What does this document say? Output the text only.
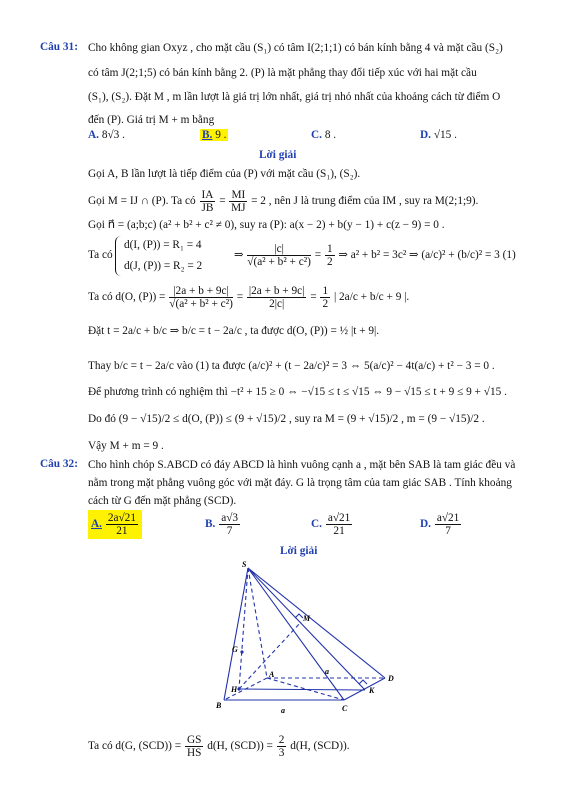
Câu 31: Cho không gian Oxyz , cho mặt cầu (S₁) có tâm I(2;1;1) có bán kính bằng 4 và mặt cầu (S₂)
có tâm J(2;1;5) có bán kính bằng 2. (P) là mặt phẳng thay đổi tiếp xúc với hai mặt cầu
(S₁), (S₂). Đặt M , m lần lượt là giá trị lớn nhất, giá trị nhỏ nhất của khoảng cách từ điểm O
đến (P). Giá trị M + m bằng
A. 8√3 .	B. 9 .	C. 8 .	D. √15 .
Lời giải
Gọi A, B lần lượt là tiếp điểm của (P) với mặt cầu (S₁), (S₂).
Gọi M = IJ ∩ (P). Ta có $\frac{IA}{JB} = \frac{MI}{MJ} = 2$ , nên J là trung điểm của IM , suy ra M(2;1;9).
Gọi n⃗ = (a;b;c) (a² + b² + c² ≠ 0), suy ra (P): a(x − 2) + b(y − 1) + c(z − 9) = 0 .
Ta có
d(I, (P)) = R₁ = 4
d(J, (P)) = R₂ = 2
⇒ $\frac{|c|}{\text{√(a² + b² + c²)}} = \frac{1}{2}$ ⇒ a² + b² = 3c² ⇒ (a/c)² + (b/c)² = 3 (1)
Ta có d(O, $(P)) = \frac{|2a + b + 9c|}{\text{√(a² + b² + c²)}} = \frac{|2a + b + 9c|}{2|c|} = \frac{1}{2}$ | 2a/c + b/c + 9 |.
Đặt t = 2a/c + b/c ⇒ b/c = t − 2a/c , ta được d(O, (P)) = ½ |t + 9|.
Thay b/c = t − 2a/c vào (1) ta được (a/c)² + (t − 2a/c)² = 3 ⇔ 5(a/c)² − 4t(a/c) + t² − 3 = 0 .
Để phương trình có nghiệm thì −t² + 15 ≥ 0 ⇔ −√15 ≤ t ≤ √15 ⇔ 9 − √15 ≤ t + 9 ≤ 9 + √15 .
Do đó (9 − √15)/2 ≤ d(O, (P)) ≤ (9 + √15)/2 , suy ra M = (9 + √15)/2 , m = (9 − √15)/2 .
Vậy M + m = 9 .
Câu 32: Cho hình chóp S.ABCD có đáy ABCD là hình vuông cạnh a , mặt bên SAB là tam giác đều và
nằm trong mặt phẳng vuông góc với mặt đáy. G là trọng tâm của tam giác SAB . Tính khoảng
cách từ G đến mặt phẳng (SCD).
A. $\frac{2a√21}{21}$	B. $\frac{a√3}{7}$	C. $\frac{a√21}{21}$	D. $\frac{a√21}{7}$
Lời giải
S
M
G
A
H
B	C
D
K
a
a
Ta có d(G, $(SCD)) = \frac{GS}{HS} d(H$, $(SCD)) = \frac{2}{3} d(H$, (SCD)).
